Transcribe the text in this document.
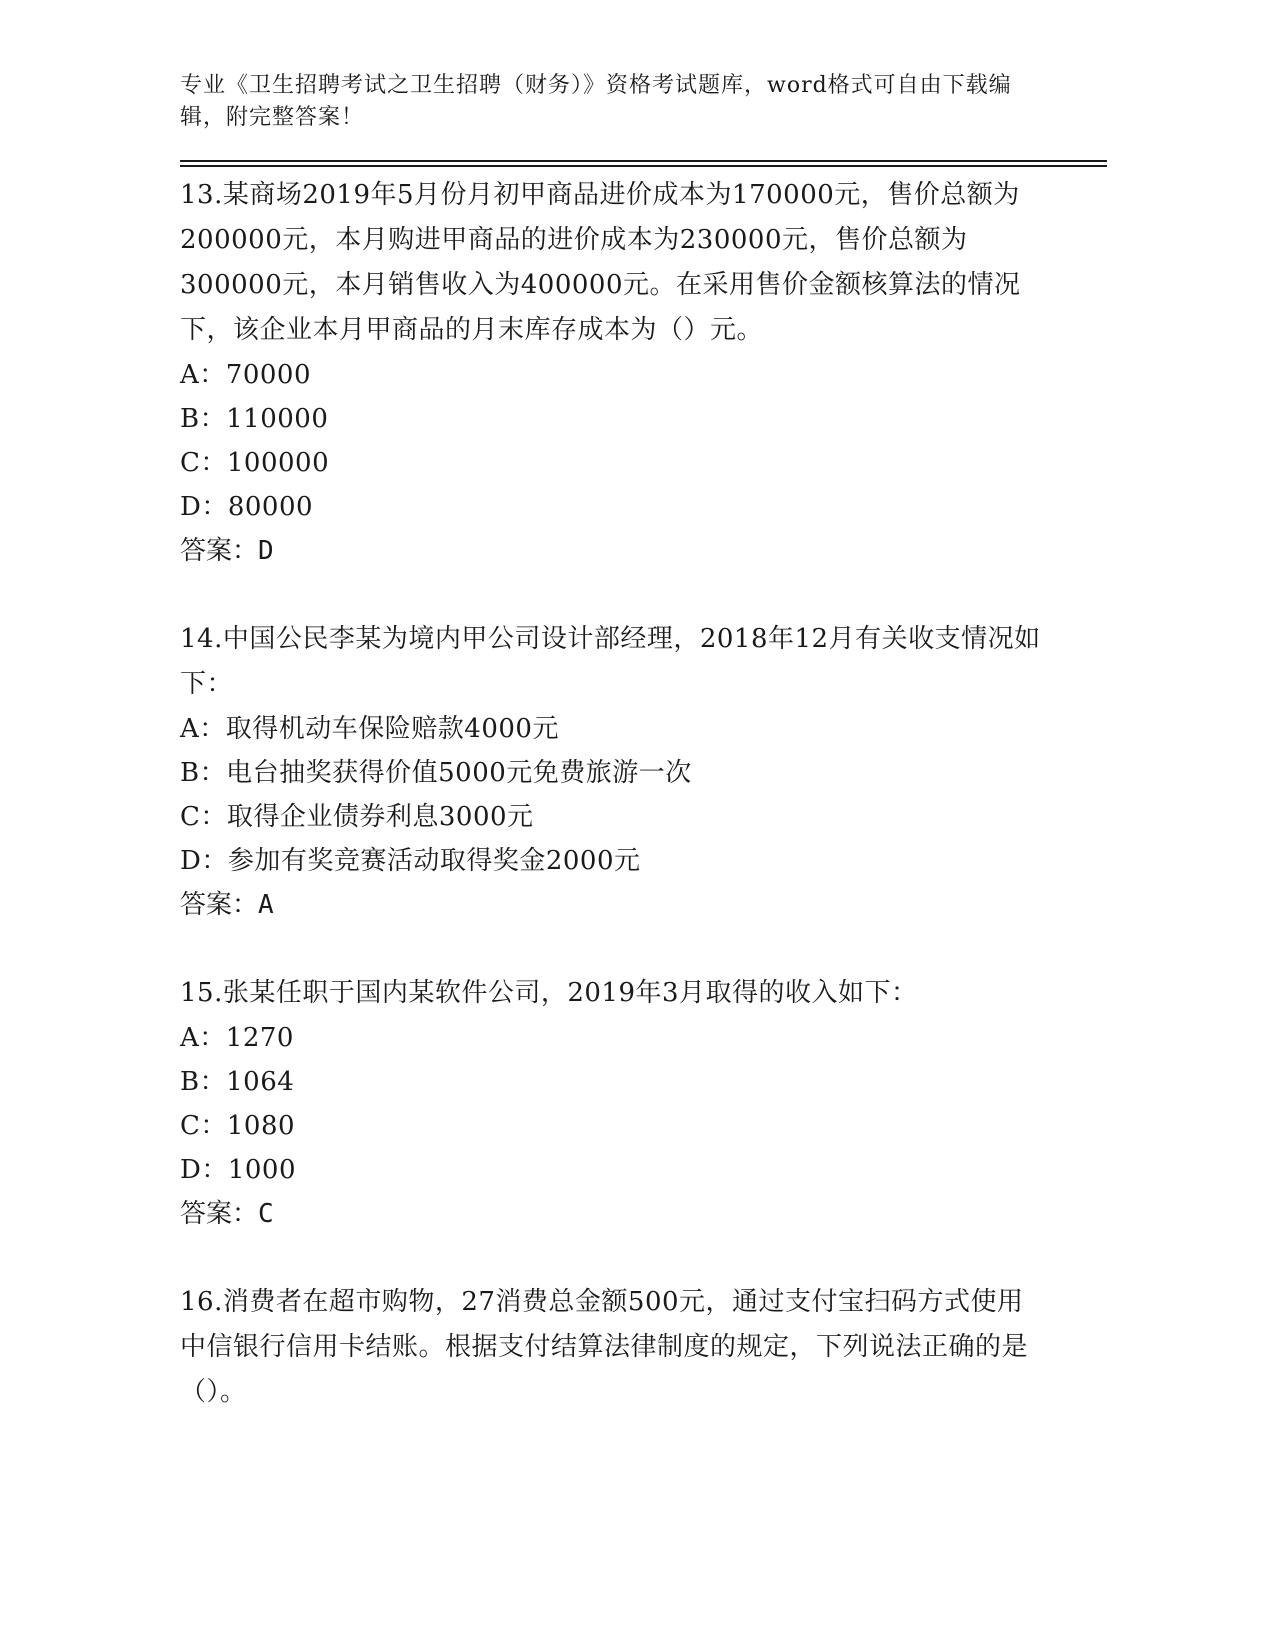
专业《卫生招聘考试之卫生招聘（财务）》资格考试题库，word格式可自由下载编辑，附完整答案！
13.某商场2019年5月份月初甲商品进价成本为170000元，售价总额为200000元，本月购进甲商品的进价成本为230000元，售价总额为300000元，本月销售收入为400000元。在采用售价金额核算法的情况下，该企业本月甲商品的月末库存成本为（）元。
A：70000
B：110000
C：100000
D：80000
答案：D
14.中国公民李某为境内甲公司设计部经理，2018年12月有关收支情况如下：
A：取得机动车保险赔款4000元
B：电台抽奖获得价值5000元免费旅游一次
C：取得企业债券利息3000元
D：参加有奖竞赛活动取得奖金2000元
答案：A
15.张某任职于国内某软件公司，2019年3月取得的收入如下：
A：1270
B：1064
C：1080
D：1000
答案：C
16.消费者在超市购物，27消费总金额500元，通过支付宝扫码方式使用中信银行信用卡结账。根据支付结算法律制度的规定，下列说法正确的是（）。
